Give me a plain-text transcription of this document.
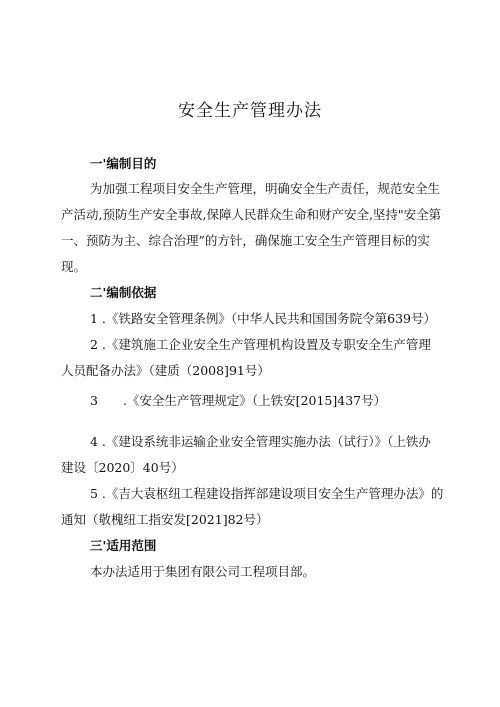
安全生产管理办法

一'编制目的

为加强工程项目安全生产管理，明确安全生产责任，规范安全生

产活动,预防生产安全事故,保障人民群众生命和财产安全,坚持"安全第

一、预防为主、综合治理”的方针，确保施工安全生产管理目标的实

现。

二'编制依据

1 .《铁路安全管理条例》（中华人民共和国国务院令第639号）

2 .《建筑施工企业安全生产管理机构设置及专职安全生产管理

人员配备办法》（建质（2008]91号）

3　　.《安全生产管理规定》（上铁安[2015]437号）

4 .《建设系统非运输企业安全管理实施办法（试行）》（上铁办

建设〔2020〕40号）

5 .《吉大袁枢纽工程建设指挥部建设项目安全生产管理办法》的

通知（敬槐纽工指安发[2021]82号）

三'适用范围

本办法适用于集团有限公司工程项目部。
